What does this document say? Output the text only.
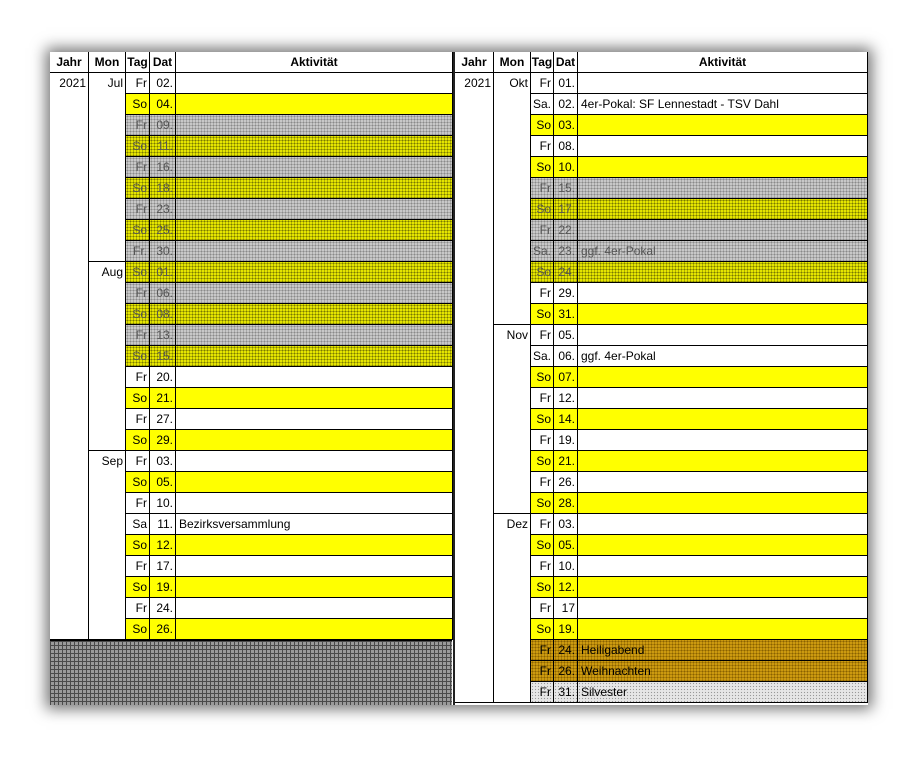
Jahr	Mon Tag Dat	Aktivität
2021	Jul	Fr 02.
So 04.
Fr 09.
So 11.
Fr 16.
So 18.
Fr 23.
So 25.
Fr. 30.
Aug So 01.
Fr 06.
So 08.
Fr 13.
So 15.
Fr 20.
So 21.
Fr 27.
So 29.
Sep	Fr 03.
So 05.
Fr 10.
Sa 11. Bezirksversammlung
So 12.
Fr 17.
So 19.
Fr 24.
So 26.
Jahr	Mon Tag Dat	Aktivität
2021	Okt Fr 01.
Sa. 02. 4er-Pokal: SF Lennestadt - TSV Dahl
So 03.
Fr 08.
So 10.
Fr 15.
So 17.
Fr 22.
Sa. 23. ggf. 4er-Pokal
So 24.
Fr 29.
So 31.
Nov Fr 05.
Sa. 06. ggf. 4er-Pokal
So 07.
Fr 12.
So 14.
Fr 19.
So 21.
Fr 26.
So 28.
Dez Fr 03.
So 05.
Fr 10.
So 12.
Fr 17
So 19.
Fr 24. Heiligabend
Fr 26. Weihnachten
Fr 31. Silvester
